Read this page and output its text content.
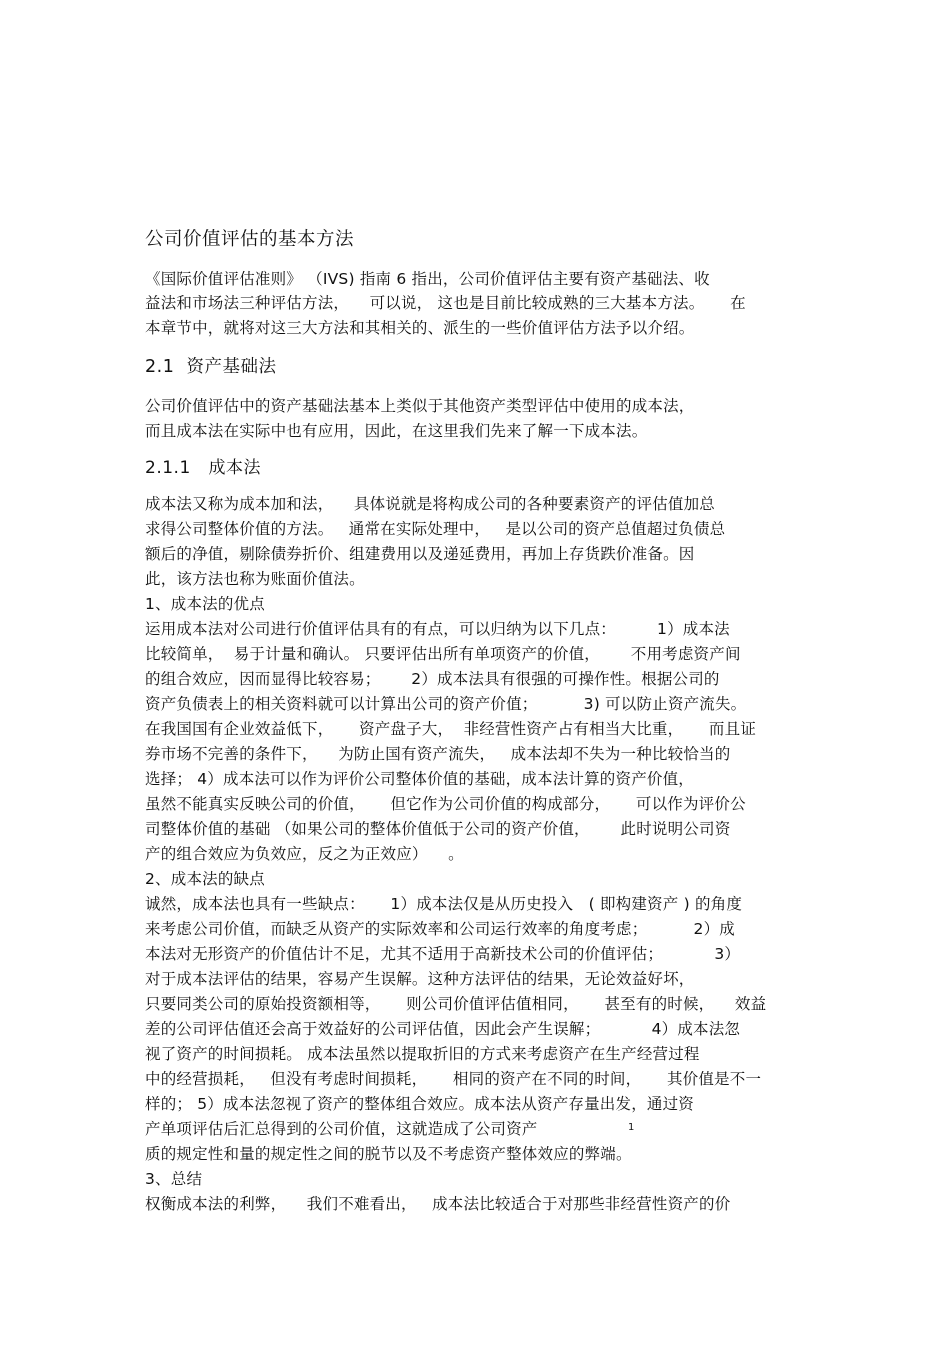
公司价值评估的基本方法
《国际价值评估准则》 （IVS) 指南 6 指出，公司价值评估主要有资产基础法、收
益法和市场法三种评估方法，    可以说， 这也是目前比较成熟的三大基本方法。     在
本章节中，就将对这三大方法和其相关的、派生的一些价值评估方法予以介绍。
2.1  资产基础法
公司价值评估中的资产基础法基本上类似于其他资产类型评估中使用的成本法，
而且成本法在实际中也有应用，因此，在这里我们先来了解一下成本法。
2.1.1   成本法
成本法又称为成本加和法，    具体说就是将构成公司的各种要素资产的评估值加总
求得公司整体价值的方法。   通常在实际处理中，   是以公司的资产总值超过负债总
额后的净值，剔除债券折价、组建费用以及递延费用，再加上存货跌价准备。因
此，该方法也称为账面价值法。
1、成本法的优点
运用成本法对公司进行价值评估具有的有点，可以归纳为以下几点：        1）成本法
比较简单，  易于计量和确认。 只要评估出所有单项资产的价值，      不用考虑资产间
的组合效应，因而显得比较容易；      2）成本法具有很强的可操作性。根据公司的
资产负债表上的相关资料就可以计算出公司的资产价值；         3) 可以防止资产流失。
在我国国有企业效益低下，     资产盘子大，  非经营性资产占有相当大比重，     而且证
券市场不完善的条件下，    为防止国有资产流失，   成本法却不失为一种比较恰当的
选择； 4）成本法可以作为评价公司整体价值的基础，成本法计算的资产价值，
虽然不能真实反映公司的价值，     但它作为公司价值的构成部分，     可以作为评价公
司整体价值的基础 （如果公司的整体价值低于公司的资产价值，      此时说明公司资
产的组合效应为负效应，反之为正效应）    。
2、成本法的缺点
诚然，成本法也具有一些缺点：     1）成本法仅是从历史投入   ( 即构建资产 ) 的角度
来考虑公司价值，而缺乏从资产的实际效率和公司运行效率的角度考虑；         2）成
本法对无形资产的价值估计不足，尤其不适用于高新技术公司的价值评估；          3）
对于成本法评估的结果，容易产生误解。这种方法评估的结果，无论效益好坏，
只要同类公司的原始投资额相等，     则公司价值评估值相同，     甚至有的时候，    效益
差的公司评估值还会高于效益好的公司评估值，因此会产生误解；          4）成本法忽
视了资产的时间损耗。 成本法虽然以提取折旧的方式来考虑资产在生产经营过程
中的经营损耗，   但没有考虑时间损耗，     相同的资产在不同的时间，     其价值是不一
样的； 5）成本法忽视了资产的整体组合效应。成本法从资产存量出发，通过资
产单项评估后汇总得到的公司价值，这就造成了公司资产	1
质的规定性和量的规定性之间的脱节以及不考虑资产整体效应的弊端。
3、总结
权衡成本法的利弊，    我们不难看出，   成本法比较适合于对那些非经营性资产的价
